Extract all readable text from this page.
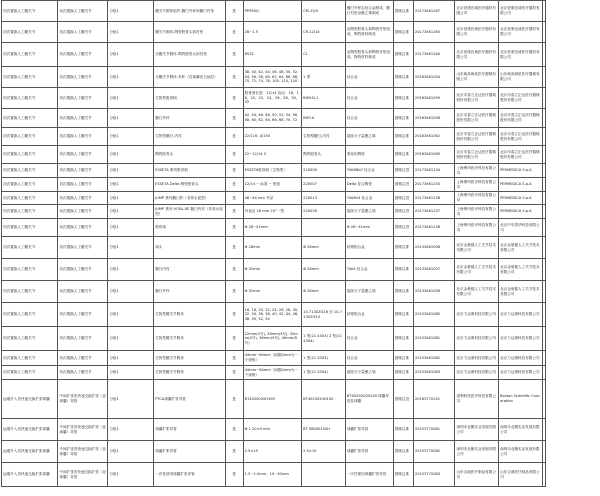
初次置换人工髋关节	初次置换人工髋关节	分组1	髋关节假体组件-髋臼外杯和髋臼衬垫	是	PPS56/C	CM-15/5	髋臼外杯由钛合金制成，髋臼衬垫由聚乙烯制成	国械注准	20173461267	北京爱康宜诚医疗器材有限公司	北京爱康宜诚医疗器材有限公司	
初次置换人工髋关节	初次置换人工髋关节	分组1	髋关节假体-陶瓷股骨头和衬垫	是	28~1.5	CR-12/14	由陶瓷股骨头和陶瓷衬垫组成，陶瓷材料制成	国械注准	20173461263	北京爱康宜诚医疗器材有限公司	北京爱康宜诚医疗器材有限公司	
初次置换人工髋关节	初次置换人工髋关节	分组1	全髋关节假体-陶瓷股骨头和衬垫	是	6532	CL	由陶瓷股骨头和陶瓷衬垫组成，陶瓷材料制成	国械注准	20173461264	北京爱康宜诚医疗器材有限公司	北京爱康宜诚医疗器材有限公司	
初次置换人工髋关节	初次置换人工髋关节	分组1	全髋关节假体-外杯（羟基磷灰石涂层）	是	38, 40, 42, 44, 46, 48, 50, 52, 54, 56, 58, 60, 62, 64, 66, 68, 70, 72, 74, 76, 100, 110, 120	1 型	钛合金	国械注准	20163461054	山东威高海星医疗器械有限公司	山东威高海星医疗器械有限公司	
初次置换人工髋关节	初次置换人工髋关节	分组1	生物型股骨柄	是	股骨颈长度：12/14 直径：16，18，20，22，24，26，28，30，32	BHN-B-1	钛合金	国械注准	20163461059	北京市春立正达医疗器械股份有限公司	北京市春立正达医疗器械股份有限公司	
初次置换人工髋关节	初次置换人工髋关节	分组1	髋臼外杯	是	42, 44, 46, 48, 50, 52, 54, 56, 58, 60, 62, 64, 66, 68, 70, 72	BHP-A	钛合金	国械注准	20163461058	北京市春立正达医疗器械股份有限公司	北京市春立正达医疗器械股份有限公司	
初次置换人工髋关节	初次置换人工髋关节	分组1	生物型髋臼-内衬	是	22/116 -4/150	生物型髋臼-内衬	超高分子量聚乙烯	国械注准	20163461062	北京市春立正达医疗器械股份有限公司	北京市春立正达医疗器械股份有限公司	
初次置换人工髋关节	初次置换人工髋关节	分组1	陶瓷股骨头	是	22~12/14 S	陶瓷股骨头	氧化铝陶瓷	国械注准	20163461060	北京市春立正达医疗器械股份有限公司	北京市春立正达医疗器械股份有限公司	
初次置换人工髋关节	初次置换人工髋关节	分组1	ESSETA 系列股骨柄	是	ESSETA股骨柄（生物型）	220000	TiAl6Nb7 钛合金	国械注进	20173461234	上海博玛医疗科技有限公司	PERMEDICA S.p.A	
初次置换人工髋关节	初次置换人工髋关节	分组1	ESSETA Delta 陶瓷股骨头	是	12/14 ~ 标准 ~ 短颈	220007	Delta 复合陶瓷	国械注进	20173461235	上海博玛医疗科技有限公司	PERMEDICA S.p.A	
初次置换人工髋关节	初次置换人工髋关节	分组1	JUMP 系列髋臼杯（非骨水泥型）	是	48~44 mm 外径	220013	TiAl6V4 钛合金	国械注进	20173461236	上海博玛医疗科技有限公司	PERMEDICA S.p.A	
初次置换人工髋关节	初次置换人工髋关节	分组1	JUMP 系列 VITAL-XE 髋臼内衬（非骨水泥型）	是	内直径 28 mm 20°一型	220026	超高分子量聚乙烯	国械注进	20173461237	上海博玛医疗科技有限公司	PERMEDICA S.p.A	
初次置换人工髋关节	初次置换人工髋关节	分组1	股骨球	是	Φ 28~41mm		Φ 28~41mm	国械注进	20173461238	上海博玛医疗科技有限公司	北京中安泰华科技有限公司	
初次置换人工髋关节	初次置换人工髋关节	分组1	球头	是	Φ 28mm	Φ 28mm	钴铬钼合金	国械注准	20133461008	北京金豪健人工关节技术有限公司	北京金豪健人工关节技术有限公司	
初次置换人工髋关节	初次置换人工髋关节	分组1	髋臼内衬	是	Φ 32mm	Φ 28mm	TiAl4 钛合金	国械注准	20133461007	北京金豪健人工关节技术有限公司	北京金豪健人工关节技术有限公司	
初次置换人工髋关节	初次置换人工髋关节	分组1	髋臼外杯	是	Φ 52mm	Φ 28mm	超高分子量聚乙烯	国械注准	20133461006	北京金豪健人工关节技术有限公司	北京金豪健人工关节技术有限公司	
初次置换人工髋关节	初次置换人工髋关节	分组1	生物型髋关节假体	是	16, 18, 20, 22, 24, 26, 28, 30, 32, 34, 36, 38, 40, 42, 44, 46, 48, 50, 52, 54	10-7130ZG16 至 10-7130ZG54	钴铬钼合金	国械注准	20153461080	北京力达康科技有限公司	北京力达康科技有限公司	
初次置换人工髋关节	初次置换人工髋关节	分组1	生物型髋关节假体	是	22mm(2号), 28mm(3号), 32mm(4号), 36mm(5号), 40mm(6号)	1 型(21 4303) 2 型(21 4304)	钛合金	国械注准	20153461081	北京力达康科技有限公司	北京力达康科技有限公司	
初次置换人工髋关节	初次置换人工髋关节	分组1	生物型髋关节假体	是	44mm~64mm（间隔2mm为一个规格）	1 型(21 3303)	钛合金	国械注准	20153461082	北京力达康科技有限公司	北京力达康科技有限公司	
初次置换人工髋关节	初次置换人工髋关节	分组1	生物型髋关节假体	是	44mm~64mm（间隔2mm为一个规格）	1 型(21 3304)	超高分子量聚乙烯	国械注准	20153461083	北京力达康科技有限公司	北京力达康科技有限公司	
远端介入类快速交换扩张球囊	中间扩张类快速交换扩张（亚球囊）导管	分组1	PTCA球囊扩张导管	是	BT4025020H100	BT4025020H100	BT4025020H100 球囊导管及球囊	国械注进	20163770241	清利科技医疗科技有限公司	Boston Scientific Corporation	
远端介入类快速交换扩张球囊	中间扩张类快速交换扩张（亚球囊）导管	分组1	球囊扩张导管	是	Φ 1.20×5 mm	BT 08050100H	球囊扩张导管	国械注准	20153770081	深圳市业聚实业发展有限公司	深圳市业聚实业发展有限公司	
远端介入类快速交换扩张球囊	中间扩张类快速交换扩张（亚球囊）导管	分组1	球囊扩张导管	是	2.5×15	2.5×15	球囊扩张导管	国械注准	20153770082	深圳市业聚实业发展有限公司	深圳市业聚实业发展有限公司	
远端介入类快速交换扩张球囊	中间扩张类快速交换扩张（亚球囊）导管	分组1	一次性使用球囊扩张导管	是	1.5~2.5mm，10~30mm		一次性使用球囊扩张导管	国械注准	20153770083	山东吉威医疗制品有限公司	山东吉威医疗制品有限公司	
